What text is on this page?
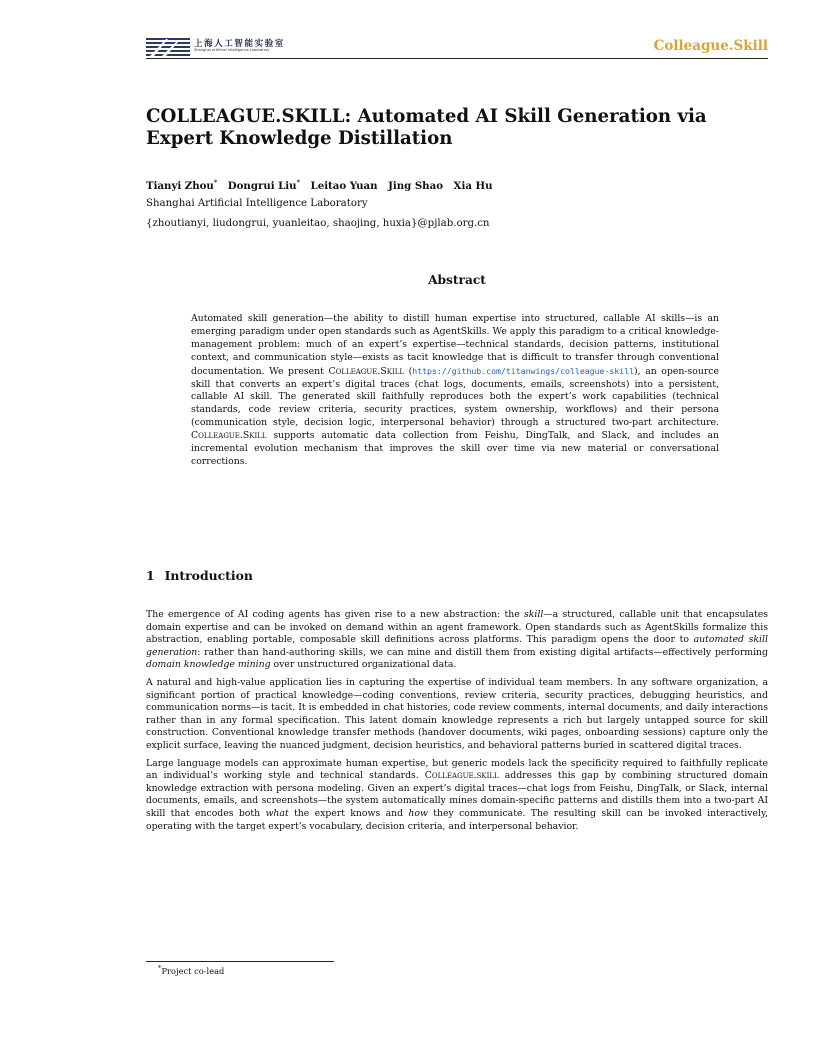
上海人工智能实验室
Shanghai Artificial Intelligence Laboratory	Colleague.Skill
COLLEAGUE.SKILL: Automated AI Skill Generation via Expert Knowledge Distillation
Tianyi Zhou* Dongrui Liu* Leitao Yuan Jing Shao Xia Hu
Shanghai Artificial Intelligence Laboratory
{zhoutianyi, liudongrui, yuanleitao, shaojing, huxia}@pjlab.org.cn
Abstract

Automated skill generation—the ability to distill human expertise into structured, callable AI skills—is an emerging paradigm under open standards such as AgentSkills. We apply this paradigm to a critical knowledge-management problem: much of an expert’s expertise—technical standards, decision patterns, institutional context, and communication style—exists as tacit knowledge that is difficult to transfer through conventional documentation. We present Colleague.Skill (https://github.com/titanwings/colleague-skill), an open-source skill that converts an expert’s digital traces (chat logs, documents, emails, screenshots) into a persistent, callable AI skill. The generated skill faithfully reproduces both the expert’s work capabilities (technical standards, code review criteria, security practices, system ownership, workflows) and their persona (communication style, decision logic, interpersonal behavior) through a structured two-part architecture. Colleague.Skill supports automatic data collection from Feishu, DingTalk, and Slack, and includes an incremental evolution mechanism that improves the skill over time via new material or conversational corrections.

1 Introduction

The emergence of AI coding agents has given rise to a new abstraction: the skill—a structured, callable unit that encapsulates domain expertise and can be invoked on demand within an agent framework. Open standards such as AgentSkills formalize this abstraction, enabling portable, composable skill definitions across platforms. This paradigm opens the door to automated skill generation: rather than hand-authoring skills, we can mine and distill them from existing digital artifacts—effectively performing domain knowledge mining over unstructured organizational data.

A natural and high-value application lies in capturing the expertise of individual team members. In any software organization, a significant portion of practical knowledge—coding conventions, review criteria, security practices, debugging heuristics, and communication norms—is tacit. It is embedded in chat histories, code review comments, internal documents, and daily interactions rather than in any formal specification. This latent domain knowledge represents a rich but largely untapped source for skill construction. Conventional knowledge transfer methods (handover documents, wiki pages, onboarding sessions) capture only the explicit surface, leaving the nuanced judgment, decision heuristics, and behavioral patterns buried in scattered digital traces.

Large language models can approximate human expertise, but generic models lack the specificity required to faithfully replicate an individual’s working style and technical standards. Colleague.skill addresses this gap by combining structured domain knowledge extraction with persona modeling. Given an expert’s digital traces—chat logs from Feishu, DingTalk, or Slack, internal documents, emails, and screenshots—the system automatically mines domain-specific patterns and distills them into a two-part AI skill that encodes both what the expert knows and how they communicate. The resulting skill can be invoked interactively, operating with the target expert’s vocabulary, decision criteria, and interpersonal behavior.

*Project co-lead
